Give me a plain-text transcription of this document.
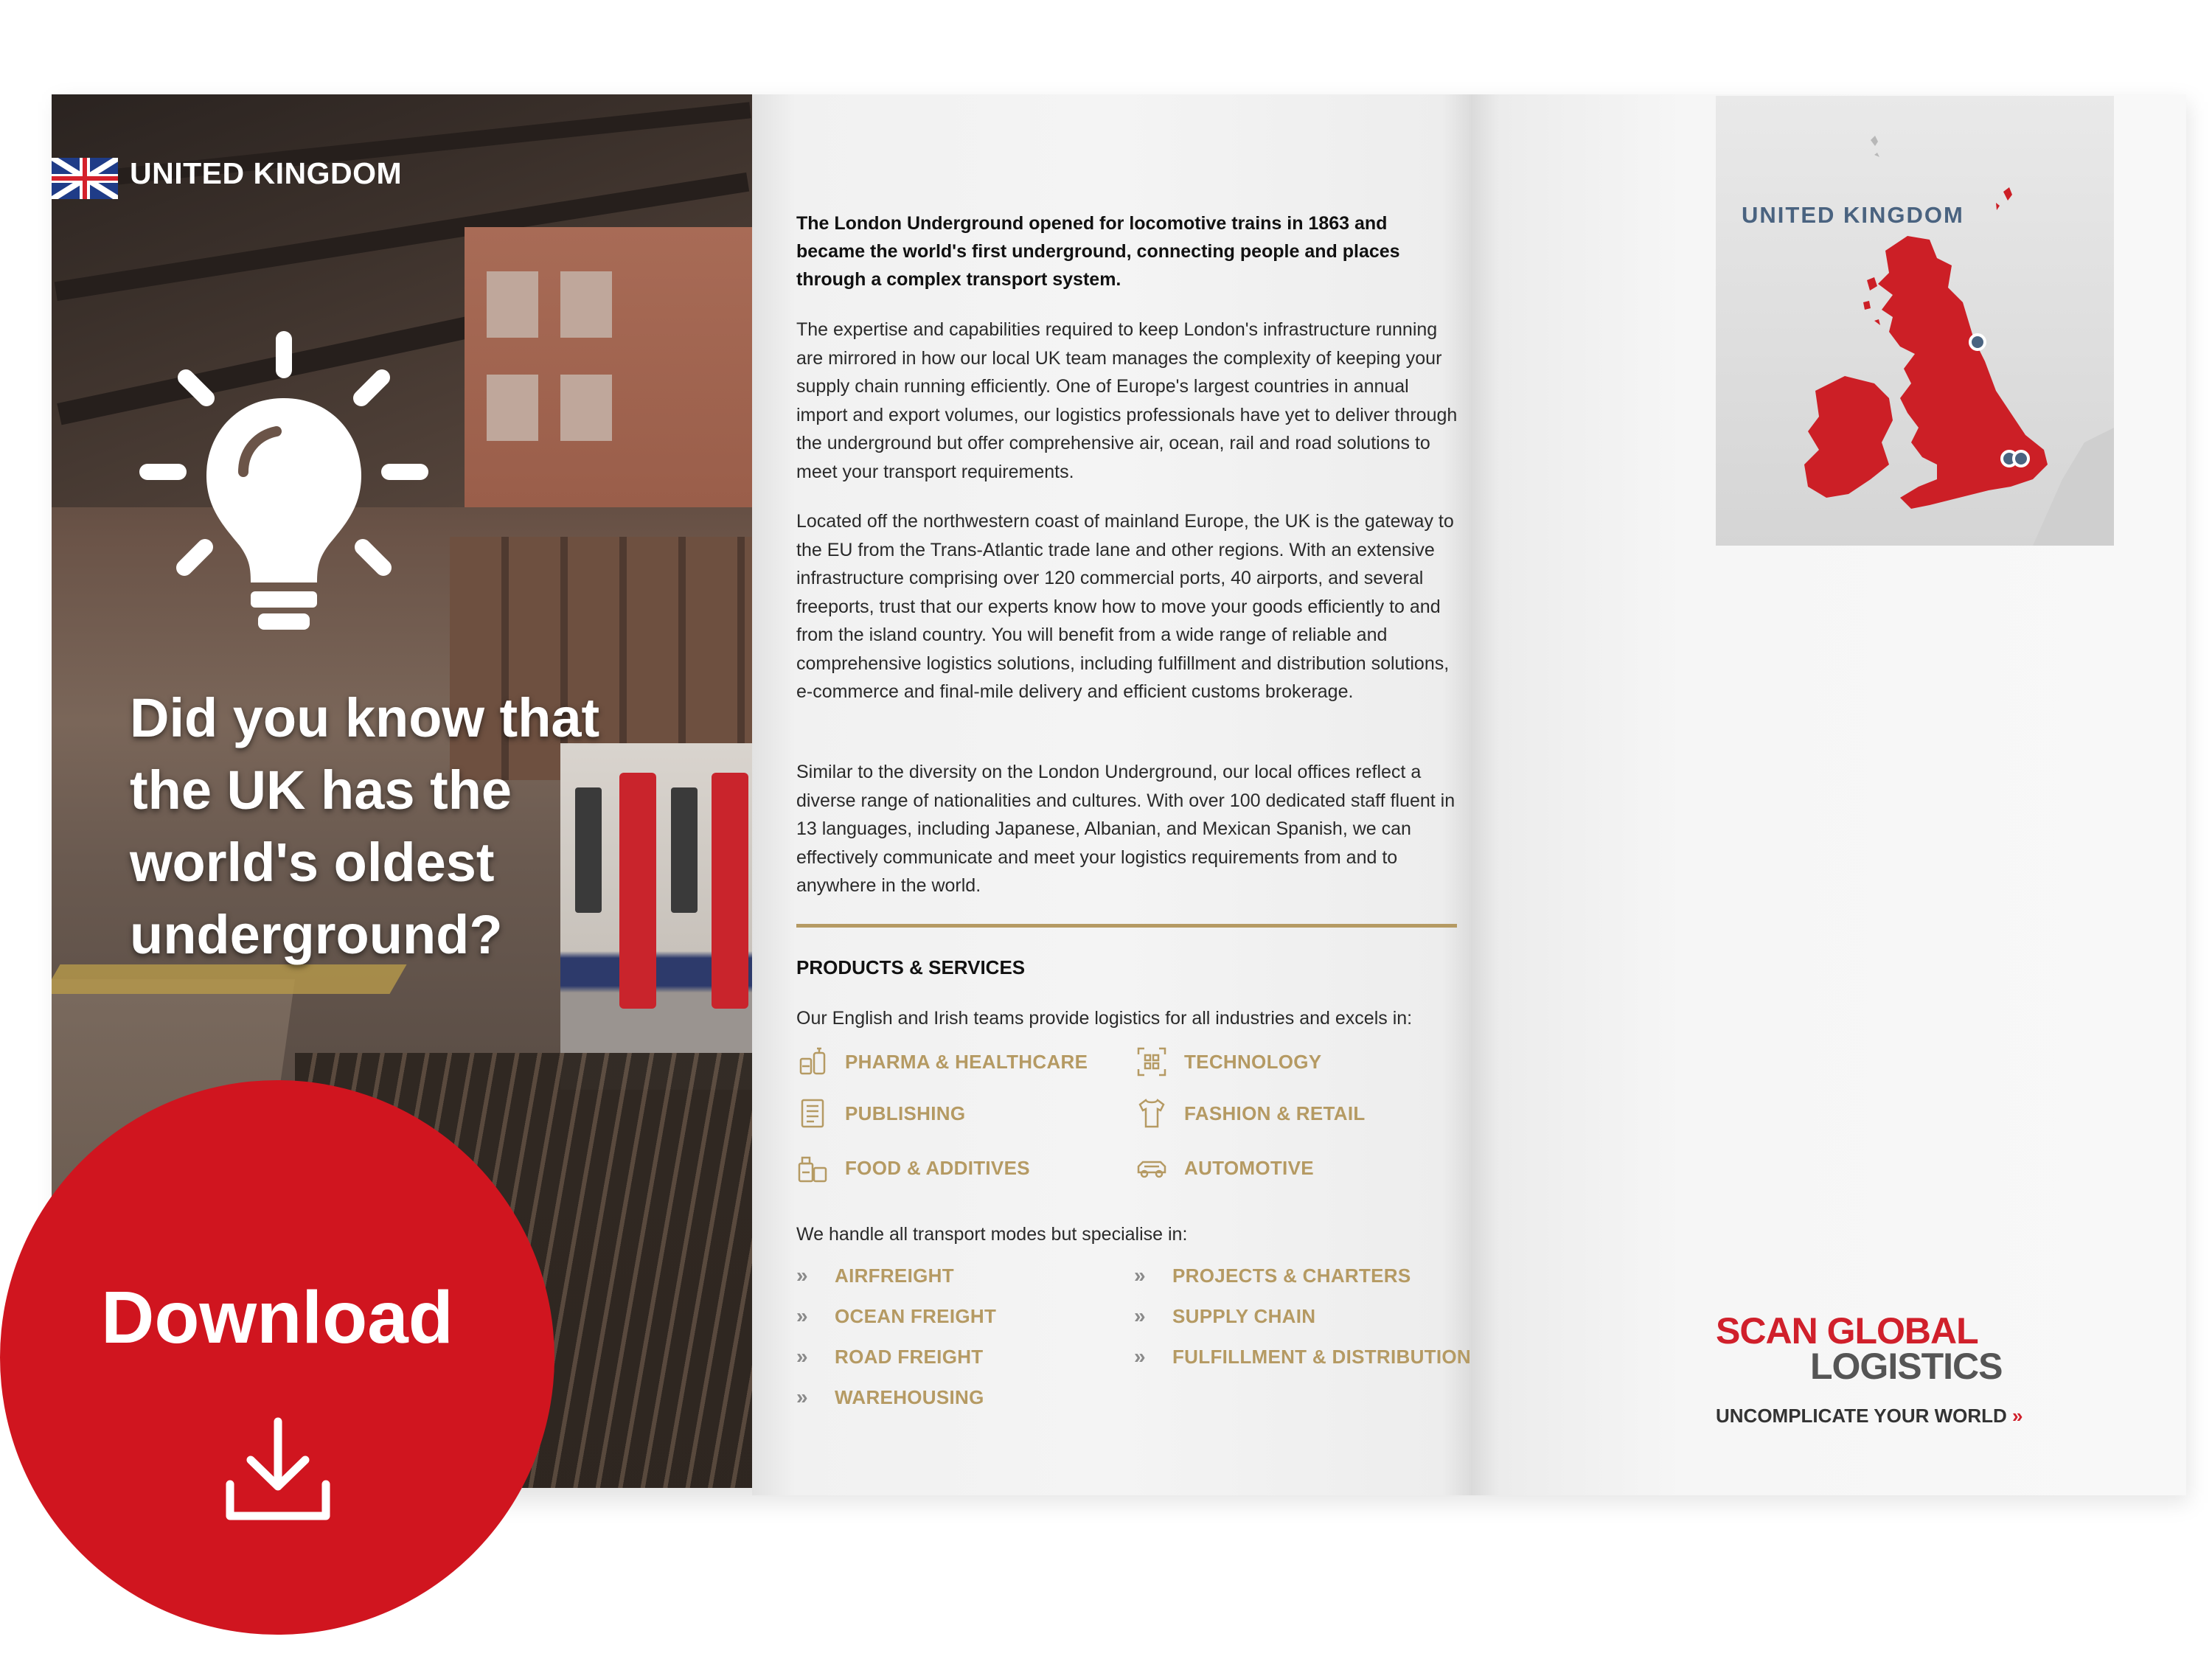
UNITED KINGDOM
Did you know that the UK has the world's oldest underground?
The London Underground opened for locomotive trains in 1863 and became the world's first underground, connecting people and places through a complex transport system.
The expertise and capabilities required to keep London's infrastructure running are mirrored in how our local UK team manages the complexity of keeping your supply chain running efficiently. One of Europe's largest countries in annual import and export volumes, our logistics professionals have yet to deliver through the underground but offer comprehensive air, ocean, rail and road solutions to meet your transport requirements.
Located off the northwestern coast of mainland Europe, the UK is the gateway to the EU from the Trans-Atlantic trade lane and other regions. With an extensive infrastructure comprising over 120 commercial ports, 40 airports, and several freeports, trust that our experts know how to move your goods efficiently to and from the island country. You will benefit from a wide range of reliable and comprehensive logistics solutions, including fulfillment and distribution solutions, e-commerce and final-mile delivery and efficient customs brokerage.
Similar to the diversity on the London Underground, our local offices reflect a diverse range of nationalities and cultures. With over 100 dedicated staff fluent in 13 languages, including Japanese, Albanian, and Mexican Spanish, we can effectively communicate and meet your logistics requirements from and to anywhere in the world.
PRODUCTS & SERVICES
Our English and Irish teams provide logistics for all industries and excels in:
PHARMA & HEALTHCARE	TECHNOLOGY
PUBLISHING	FASHION & RETAIL
FOOD & ADDITIVES	AUTOMOTIVE
We handle all transport modes but specialise in:
»	AIRFREIGHT
»	OCEAN FREIGHT
»	ROAD FREIGHT
»	WAREHOUSING
»	PROJECTS & CHARTERS
»	SUPPLY CHAIN
»	FULFILLMENT & DISTRIBUTION
UNITED KINGDOM
SCAN GLOBAL
LOGISTICS
UNCOMPLICATE YOUR WORLD »
Download
